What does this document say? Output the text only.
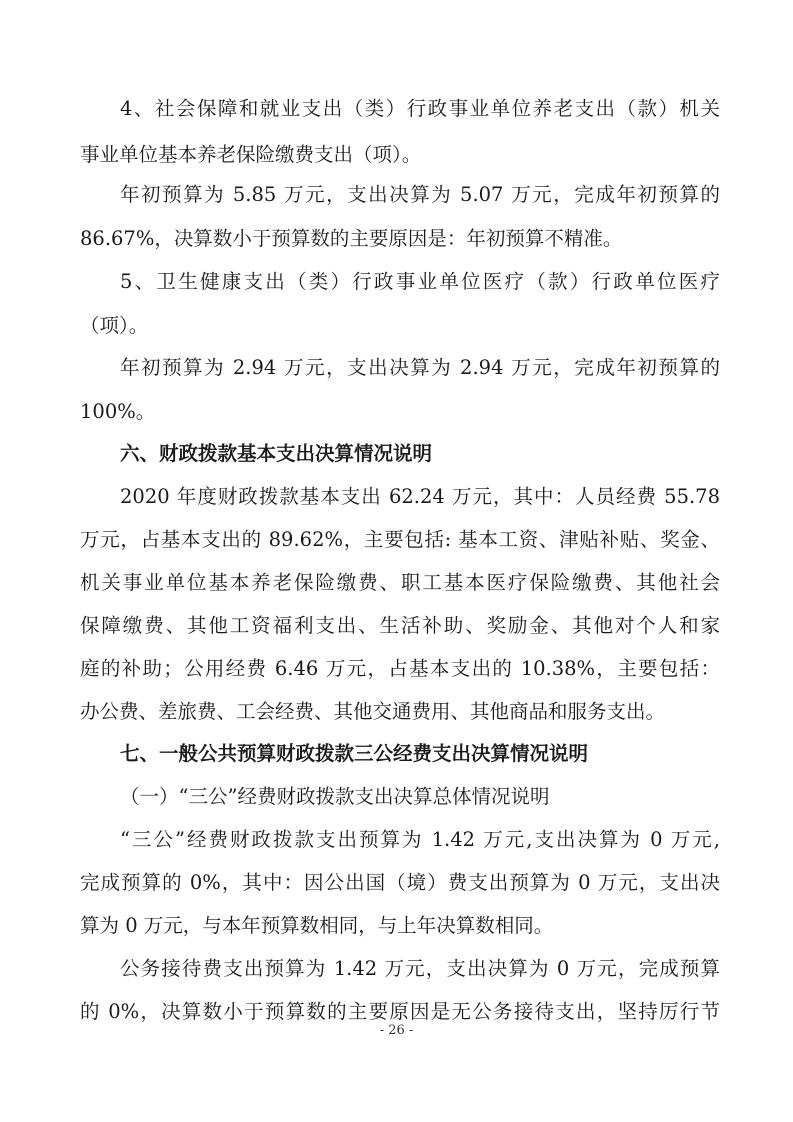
4、社会保障和就业支出（类）行政事业单位养老支出（款）机关
事业单位基本养老保险缴费支出（项）。
年初预算为 5.85 万元，支出决算为 5.07 万元，完成年初预算的
86.67%，决算数小于预算数的主要原因是：年初预算不精准。
5、卫生健康支出（类）行政事业单位医疗（款）行政单位医疗
（项）。
年初预算为 2.94 万元，支出决算为 2.94 万元，完成年初预算的
100%。
六、财政拨款基本支出决算情况说明
2020 年度财政拨款基本支出 62.24 万元，其中：人员经费 55.78
万元，占基本支出的 89.62%，主要包括: 基本工资、津贴补贴、奖金、
机关事业单位基本养老保险缴费、职工基本医疗保险缴费、其他社会
保障缴费、其他工资福利支出、生活补助、奖励金、其他对个人和家
庭的补助；公用经费 6.46 万元，占基本支出的 10.38%，主要包括：
办公费、差旅费、工会经费、其他交通费用、其他商品和服务支出。
七、一般公共预算财政拨款三公经费支出决算情况说明
（一）“三公”经费财政拨款支出决算总体情况说明
“三公”经费财政拨款支出预算为 1.42 万元,支出决算为 0 万元,
完成预算的 0%，其中：因公出国（境）费支出预算为 0 万元，支出决
算为 0 万元，与本年预算数相同，与上年决算数相同。
公务接待费支出预算为 1.42 万元，支出决算为 0 万元，完成预算
的 0%，决算数小于预算数的主要原因是无公务接待支出，坚持厉行节
- 26 -
